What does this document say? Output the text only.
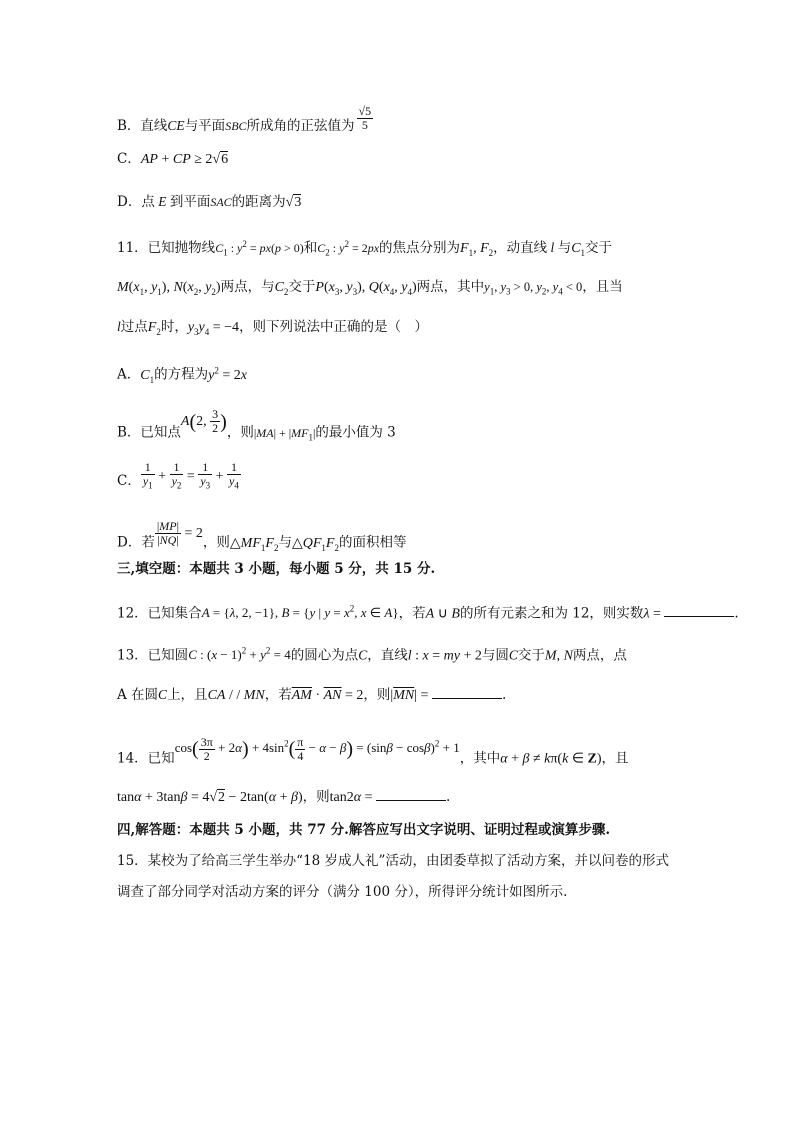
B．直线CE与平面SBC所成角的正弦值为 $\frac{√5}{5}$
C．AP + CP ≥ 2√6
D．点 E 到平面SAC的距离为√3
11．已知抛物线$C_1$ : $y^2 = px(p > 0)$和$C_2$ : $y^2 = 2px$的焦点分别为$F_1$, $F_2$，动直线 l 与$C_1$交于
$M(x_1$, $y_1$), $N(x_2$, $y_2$)两点，与$C_2$交于$P(x_3$, $y_3$), $Q(x_4$, $y_4$)两点，其中$y_1$, $y_3 > 0$, $y_2$, $y_4 < 0$，且当
l过点$F_2$时，$y_3y_4 = -4$，则下列说法中正确的是（　）
A．$C_1$的方程为$y^2 = 2x$
B．已知点A(2, $\frac{3}{2}$ )，则$|MA| + |MF_1|$的最小值为 3
C． $\frac{1}{y_1} + \frac{1}{y_2} = \frac{1}{y_3} + \frac{1}{y_4}$
D．若 $\frac{|MP|}{|NQ|} = 2$，则$\triangle MF_1F_2$与$\triangle QF_1F_2$的面积相等
三,填空题：本题共 3 小题，每小题 5 分，共 15 分.
12．已知集合A = {λ, 2, −1}, B = {y | $y = x^2$, x ∈ A}，若A ∪ B的所有元素之和为 12，则实数λ =	.
13．已知圆C : $(x - 1)^2 + y^2 = 4$的圆心为点C，直线l : x = my + 2与圆C交于M, N两点，点
A 在圆C上，且CA / / MN，若$\overline{AM} \cdot \overline{AN} = 2$，则$|\overline{MN}|$ =	.
14．已知$\cos( \frac{3\pi}{2} + 2\alpha) + 4\sin^2( \frac{\pi}{4} - \alpha - \beta) = (\sin\beta - \cos\beta)^2 + 1$，其中α + β ≠ kπ(k ∈ Z)，且
tanα + 3tanβ = 4√2 − 2tan(α + β)，则tan2α =	.
四,解答题：本题共 5 小题，共 77 分.解答应写出文字说明、证明过程或演算步骤.
15．某校为了给高三学生举办“18 岁成人礼”活动，由团委草拟了活动方案，并以问卷的形式
调查了部分同学对活动方案的评分（满分 100 分），所得评分统计如图所示.
